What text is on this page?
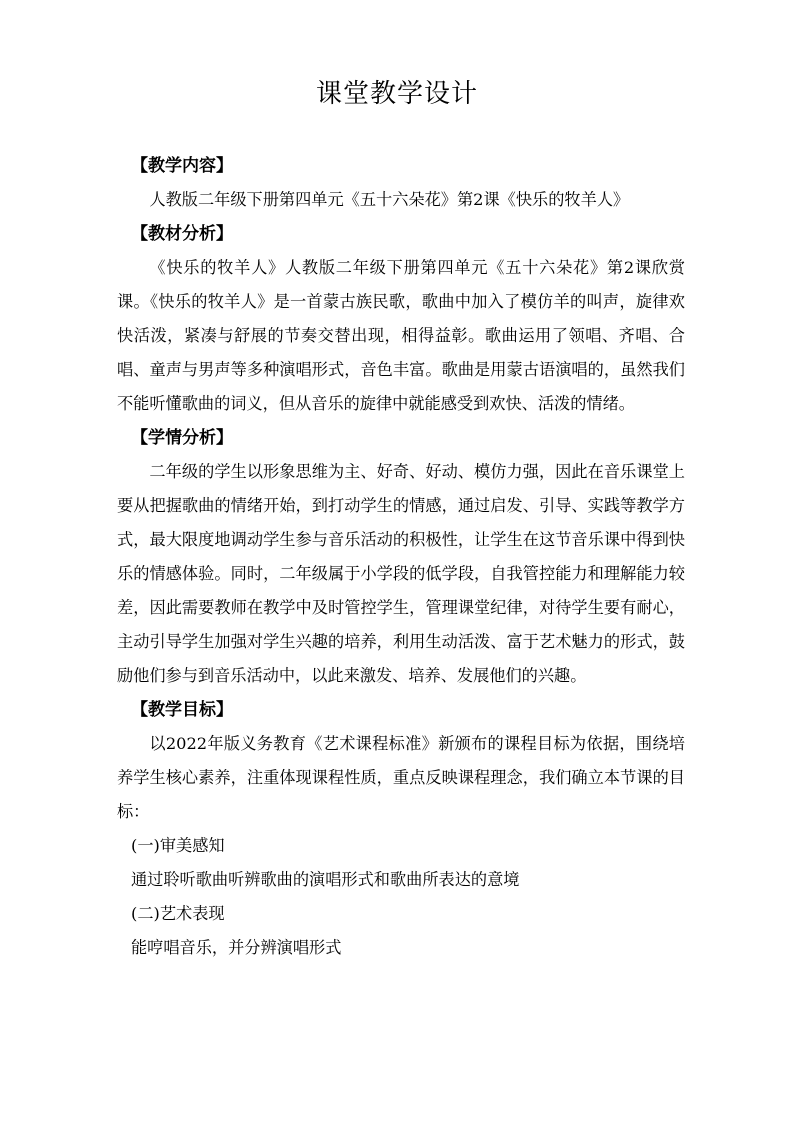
课堂教学设计

【教学内容】

人教版二年级下册第四单元《五十六朵花》第2课《快乐的牧羊人》

【教材分析】

《快乐的牧羊人》人教版二年级下册第四单元《五十六朵花》第2课欣赏课。《快乐的牧羊人》是一首蒙古族民歌，歌曲中加入了模仿羊的叫声，旋律欢快活泼，紧凑与舒展的节奏交替出现，相得益彰。歌曲运用了领唱、齐唱、合唱、童声与男声等多种演唱形式，音色丰富。歌曲是用蒙古语演唱的，虽然我们不能听懂歌曲的词义，但从音乐的旋律中就能感受到欢快、活泼的情绪。

【学情分析】

二年级的学生以形象思维为主、好奇、好动、模仿力强，因此在音乐课堂上要从把握歌曲的情绪开始，到打动学生的情感，通过启发、引导、实践等教学方式，最大限度地调动学生参与音乐活动的积极性，让学生在这节音乐课中得到快乐的情感体验。同时，二年级属于小学段的低学段，自我管控能力和理解能力较差，因此需要教师在教学中及时管控学生，管理课堂纪律，对待学生要有耐心，主动引导学生加强对学生兴趣的培养，利用生动活泼、富于艺术魅力的形式，鼓励他们参与到音乐活动中，以此来激发、培养、发展他们的兴趣。

【教学目标】

以2022年版义务教育《艺术课程标准》新颁布的课程目标为依据，围绕培养学生核心素养，注重体现课程性质，重点反映课程理念，我们确立本节课的目标：

(一)审美感知

通过聆听歌曲听辨歌曲的演唱形式和歌曲所表达的意境

(二)艺术表现

能哼唱音乐，并分辨演唱形式
